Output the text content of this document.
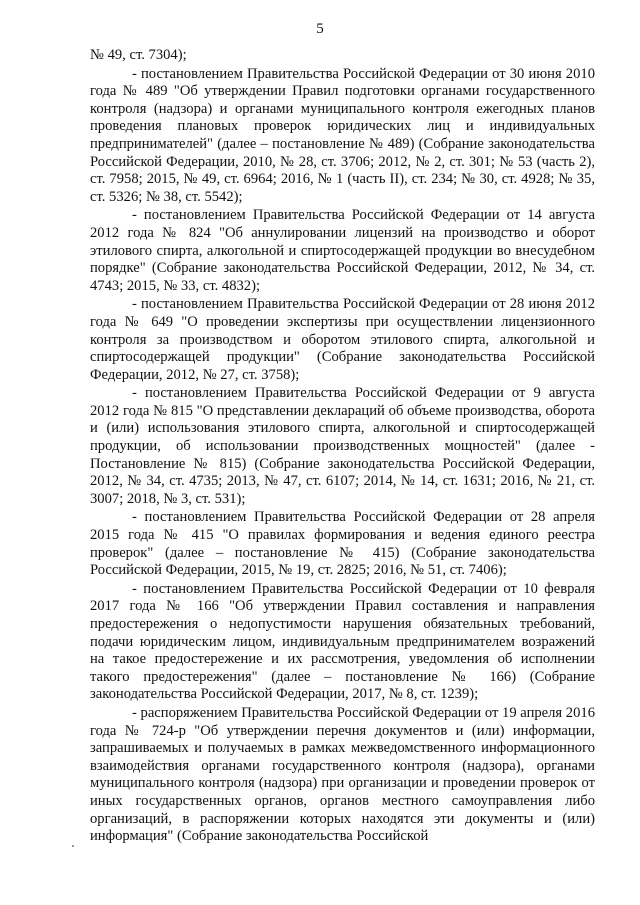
5

№ 49, ст. 7304);

- постановлением Правительства Российской Федерации от 30 июня 2010 года № 489 "Об утверждении Правил подготовки органами государственного контроля (надзора) и органами муниципального контроля ежегодных планов проведения плановых проверок юридических лиц и индивидуальных предпринимателей" (далее – постановление № 489) (Собрание законодательства Российской Федерации, 2010, № 28, ст. 3706; 2012, № 2, ст. 301; № 53 (часть 2), ст. 7958; 2015, № 49, ст. 6964; 2016, № 1 (часть II), ст. 234; № 30, ст. 4928; № 35, ст. 5326; № 38, ст. 5542);

- постановлением Правительства Российской Федерации от 14 августа 2012 года № 824 "Об аннулировании лицензий на производство и оборот этилового спирта, алкогольной и спиртосодержащей продукции во внесудебном порядке" (Собрание законодательства Российской Федерации, 2012, № 34, ст. 4743; 2015, № 33, ст. 4832);

- постановлением Правительства Российской Федерации от 28 июня 2012 года № 649 "О проведении экспертизы при осуществлении лицензионного контроля за производством и оборотом этилового спирта, алкогольной и спиртосодержащей продукции" (Собрание законодательства Российской Федерации, 2012, № 27, ст. 3758);

- постановлением Правительства Российской Федерации от 9 августа 2012 года № 815 "О представлении деклараций об объеме производства, оборота и (или) использования этилового спирта, алкогольной и спиртосодержащей продукции, об использовании производственных мощностей" (далее - Постановление № 815) (Собрание законодательства Российской Федерации, 2012, № 34, ст. 4735; 2013, № 47, ст. 6107; 2014, № 14, ст. 1631; 2016, № 21, ст. 3007; 2018, № 3, ст. 531);

- постановлением Правительства Российской Федерации от 28 апреля 2015 года № 415 "О правилах формирования и ведения единого реестра проверок" (далее – постановление № 415) (Собрание законодательства Российской Федерации, 2015, № 19, ст. 2825; 2016, № 51, ст. 7406);

- постановлением Правительства Российской Федерации от 10 февраля 2017 года № 166 "Об утверждении Правил составления и направления предостережения о недопустимости нарушения обязательных требований, подачи юридическим лицом, индивидуальным предпринимателем возражений на такое предостережение и их рассмотрения, уведомления об исполнении такого предостережения" (далее – постановление № 166) (Собрание законодательства Российской Федерации, 2017, № 8, ст. 1239);

- распоряжением Правительства Российской Федерации от 19 апреля 2016 года № 724-р "Об утверждении перечня документов и (или) информации, запрашиваемых и получаемых в рамках межведомственного информационного взаимодействия органами государственного контроля (надзора), органами муниципального контроля (надзора) при организации и проведении проверок от иных государственных органов, органов местного самоуправления либо организаций, в распоряжении которых находятся эти документы и (или) информация" (Собрание законодательства Российской
